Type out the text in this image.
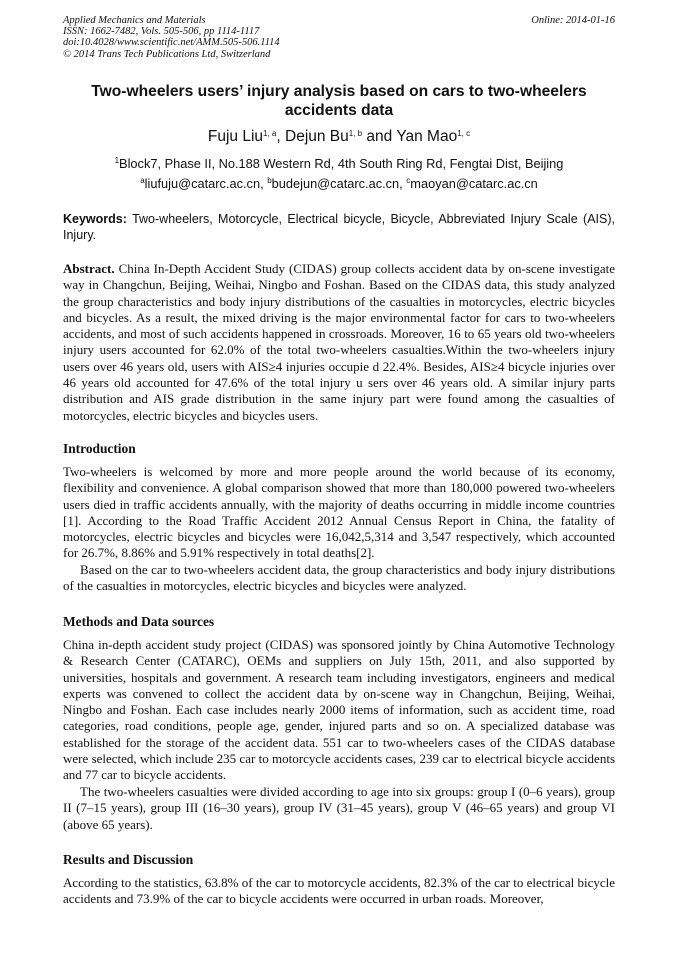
Applied Mechanics and Materials
ISSN: 1662-7482, Vols. 505-506, pp 1114-1117
doi:10.4028/www.scientific.net/AMM.505-506.1114
© 2014 Trans Tech Publications Ltd, Switzerland
Online: 2014-01-16
Two-wheelers users’ injury analysis based on cars to two-wheelers accidents data
Fuju Liu$^{1, a}$, Dejun Bu$^{1, b}$ and Yan Mao$^{1, c}$
$^1$Block7, Phase II, No.188 Western Rd, 4th South Ring Rd, Fengtai Dist, Beijing
$^a$liufuju@catarc.ac.cn, $^b$budejun@catarc.ac.cn, $^c$maoyan@catarc.ac.cn
Keywords: Two-wheelers, Motorcycle, Electrical bicycle, Bicycle, Abbreviated Injury Scale (AIS), Injury.

Abstract. China In-Depth Accident Study (CIDAS) group collects accident data by on-scene investigate way in Changchun, Beijing, Weihai, Ningbo and Foshan. Based on the CIDAS data, this study analyzed the group characteristics and body injury distributions of the casualties in motorcycles, electric bicycles and bicycles. As a result, the mixed driving is the major environmental factor for cars to two-wheelers accidents, and most of such accidents happened in crossroads. Moreover, 16 to 65 years old two-wheelers injury users accounted for 62.0% of the total two-wheelers casualties.Within the two-wheelers injury users over 46 years old, users with AIS≥4 injuries occupie d 22.4%. Besides, AIS≥4 bicycle injuries over 46 years old accounted for 47.6% of the total injury u sers over 46 years old. A similar injury parts distribution and AIS grade distribution in the same injury part were found among the casualties of motorcycles, electric bicycles and bicycles users.

Introduction

Two-wheelers is welcomed by more and more people around the world because of its economy, flexibility and convenience. A global comparison showed that more than 180,000 powered two-wheelers users died in traffic accidents annually, with the majority of deaths occurring in middle income countries [1]. According to the Road Traffic Accident 2012 Annual Census Report in China, the fatality of motorcycles, electric bicycles and bicycles were 16,042,5,314 and 3,547 respectively, which accounted for 26.7%, 8.86% and 5.91% respectively in total deaths[2].

Based on the car to two-wheelers accident data, the group characteristics and body injury distributions of the casualties in motorcycles, electric bicycles and bicycles were analyzed.

Methods and Data sources

China in-depth accident study project (CIDAS) was sponsored jointly by China Automotive Technology & Research Center (CATARC), OEMs and suppliers on July 15th, 2011, and also supported by universities, hospitals and government. A research team including investigators, engineers and medical experts was convened to collect the accident data by on-scene way in Changchun, Beijing, Weihai, Ningbo and Foshan. Each case includes nearly 2000 items of information, such as accident time, road categories, road conditions, people age, gender, injured parts and so on. A specialized database was established for the storage of the accident data. 551 car to two-wheelers cases of the CIDAS database were selected, which include 235 car to motorcycle accidents cases, 239 car to electrical bicycle accidents and 77 car to bicycle accidents.

The two-wheelers casualties were divided according to age into six groups: group I (0–6 years), group II (7–15 years), group III (16–30 years), group IV (31–45 years), group V (46–65 years) and group VI (above 65 years).

Results and Discussion

According to the statistics, 63.8% of the car to motorcycle accidents, 82.3% of the car to electrical bicycle accidents and 73.9% of the car to bicycle accidents were occurred in urban roads. Moreover,
